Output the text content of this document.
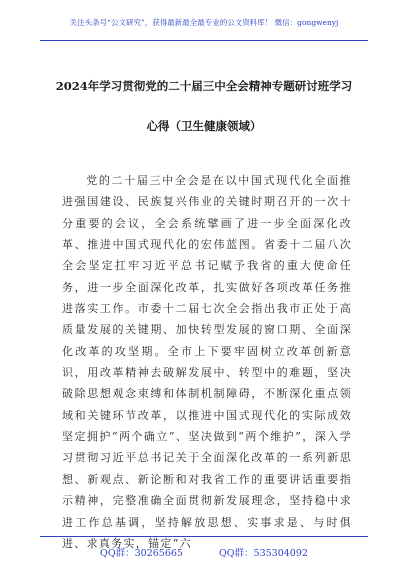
关注头条号“公文研究”，获得最新最全最专业的公文资料库！ 微信：gongwenyj
2024年学习贯彻党的二十届三中全会精神专题研讨班学习
心得（卫生健康领域）

党的二十届三中全会是在以中国式现代化全面推进强国建设、民族复兴伟业的关键时期召开的一次十分重要的会议，全会系统擘画了进一步全面深化改革、推进中国式现代化的宏伟蓝图。省委十二届八次全会坚定扛牢习近平总书记赋予我省的重大使命任务，进一步全面深化改革，扎实做好各项改革任务推进落实工作。市委十二届七次全会指出我市正处于高质量发展的关键期、加快转型发展的窗口期、全面深化改革的攻坚期。全市上下要牢固树立改革创新意识，用改革精神去破解发展中、转型中的难题，坚决破除思想观念束缚和体制机制障碍，不断深化重点领域和关键环节改革，以推进中国式现代化的实际成效坚定拥护“两个确立”、坚决做到“两个维护”，深入学习贯彻习近平总书记关于全面深化改革的一系列新思想、新观点、新论断和对我省工作的重要讲话重要指示精神，完整准确全面贯彻新发展理念，坚持稳中求进工作总基调，坚持解放思想、实事求是、与时俱进、求真务实，锚定“六

QQ群：30265665	QQ群：535304092
